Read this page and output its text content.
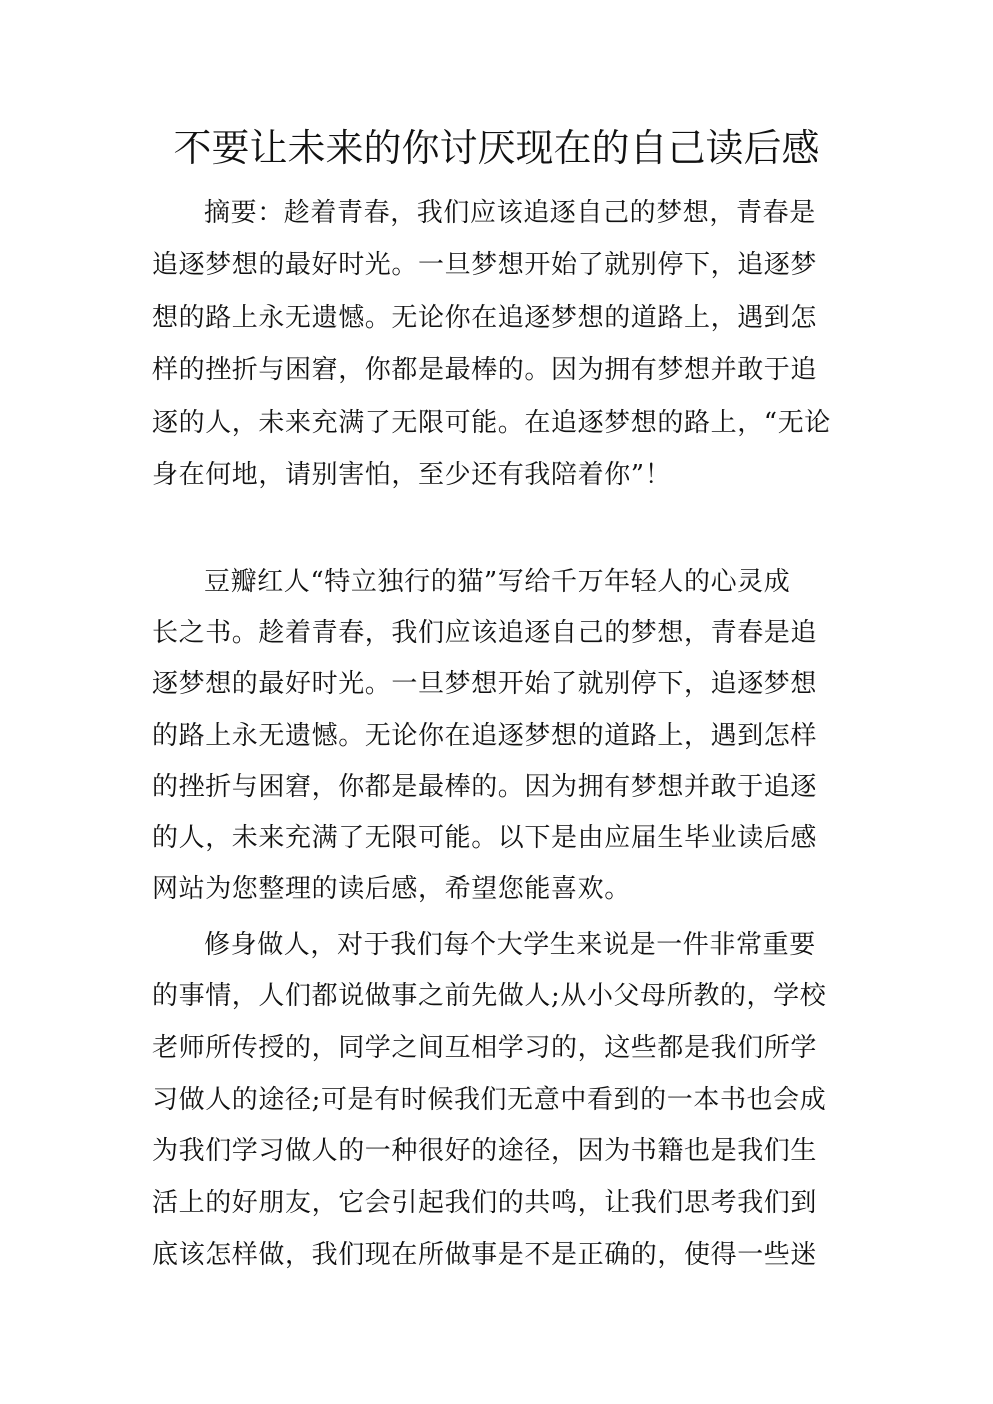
不要让未来的你讨厌现在的自己读后感
摘要：趁着青春，我们应该追逐自己的梦想，青春是
追逐梦想的最好时光。一旦梦想开始了就别停下，追逐梦
想的路上永无遗憾。无论你在追逐梦想的道路上，遇到怎
样的挫折与困窘，你都是最棒的。因为拥有梦想并敢于追
逐的人，未来充满了无限可能。在追逐梦想的路上，“无论
身在何地，请别害怕，至少还有我陪着你”！
豆瓣红人“特立独行的猫”写给千万年轻人的心灵成
长之书。趁着青春，我们应该追逐自己的梦想，青春是追
逐梦想的最好时光。一旦梦想开始了就别停下，追逐梦想
的路上永无遗憾。无论你在追逐梦想的道路上，遇到怎样
的挫折与困窘，你都是最棒的。因为拥有梦想并敢于追逐
的人，未来充满了无限可能。以下是由应届生毕业读后感
网站为您整理的读后感，希望您能喜欢。
修身做人，对于我们每个大学生来说是一件非常重要
的事情，人们都说做事之前先做人;从小父母所教的，学校
老师所传授的，同学之间互相学习的，这些都是我们所学
习做人的途径;可是有时候我们无意中看到的一本书也会成
为我们学习做人的一种很好的途径，因为书籍也是我们生
活上的好朋友，它会引起我们的共鸣，让我们思考我们到
底该怎样做，我们现在所做事是不是正确的，使得一些迷
